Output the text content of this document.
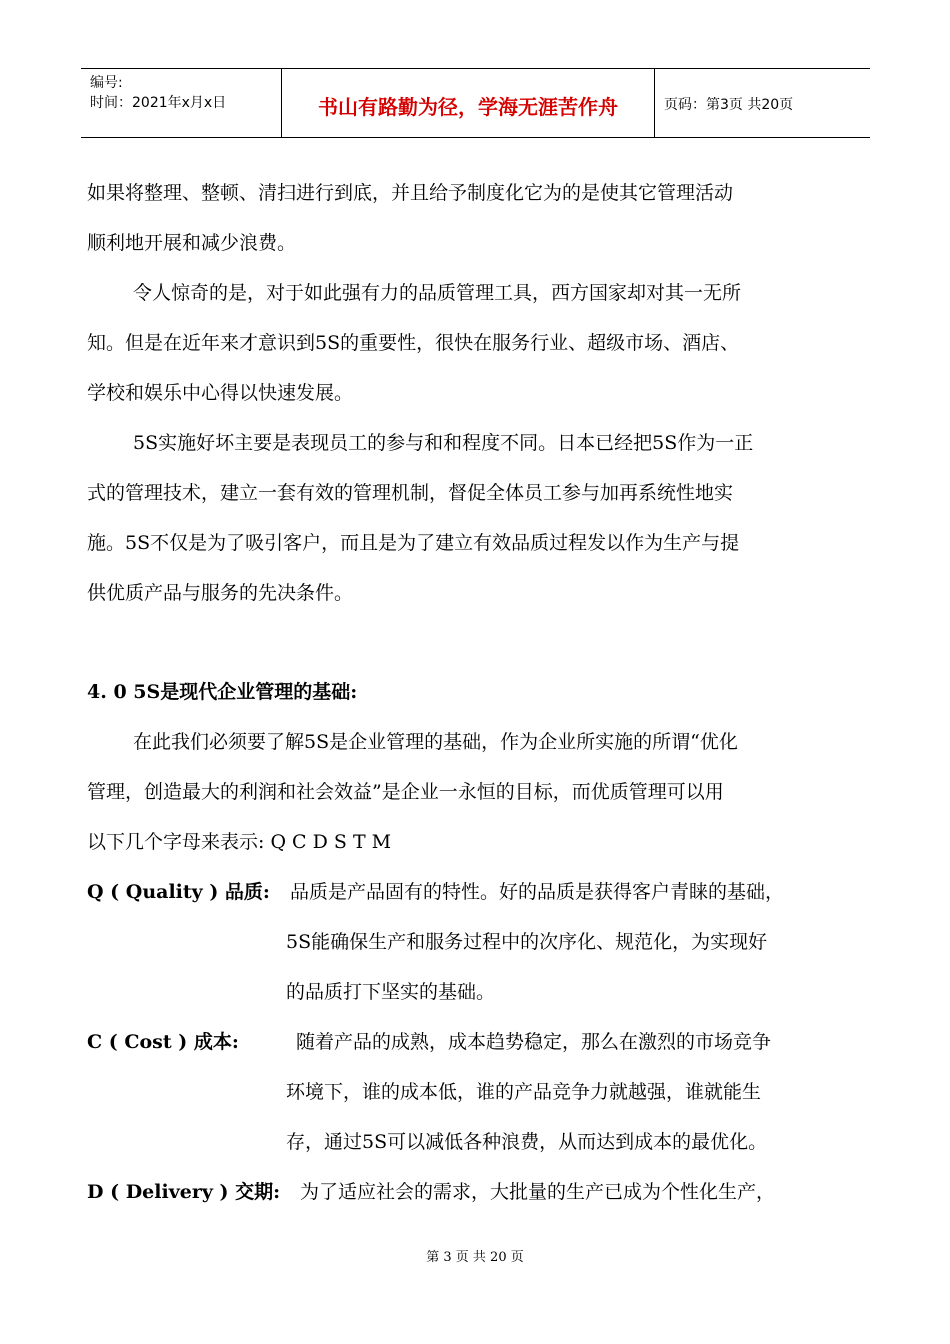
编号:
时间：2021年x月x日	书山有路勤为径，学海无涯苦作舟	页码：第3页 共20页
如果将整理、整顿、清扫进行到底，并且给予制度化它为的是使其它管理活动
顺利地开展和减少浪费。
令人惊奇的是，对于如此强有力的品质管理工具，西方国家却对其一无所
知。但是在近年来才意识到5S的重要性，很快在服务行业、超级市场、酒店、
学校和娱乐中心得以快速发展。
5S实施好坏主要是表现员工的参与和和程度不同。日本已经把5S作为一正
式的管理技术，建立一套有效的管理机制，督促全体员工参与加再系统性地实
施。5S不仅是为了吸引客户，而且是为了建立有效品质过程发以作为生产与提
供优质产品与服务的先决条件。
4. 0 5S是现代企业管理的基础:
在此我们必须要了解5S是企业管理的基础，作为企业所实施的所谓“优化
管理，创造最大的利润和社会效益”是企业一永恒的目标，而优质管理可以用
以下几个字母来表示: Q C D S T M
Q ( Quality ) 品质: 品质是产品固有的特性。好的品质是获得客户青睐的基础，
5S能确保生产和服务过程中的次序化、规范化，为实现好
的品质打下坚实的基础。
C ( Cost ) 成本:	随着产品的成熟，成本趋势稳定，那么在激烈的市场竞争
环境下，谁的成本低，谁的产品竞争力就越强，谁就能生
存，通过5S可以减低各种浪费，从而达到成本的最优化。
D ( Delivery ) 交期: 为了适应社会的需求，大批量的生产已成为个性化生产，
第 3 页 共 20 页
